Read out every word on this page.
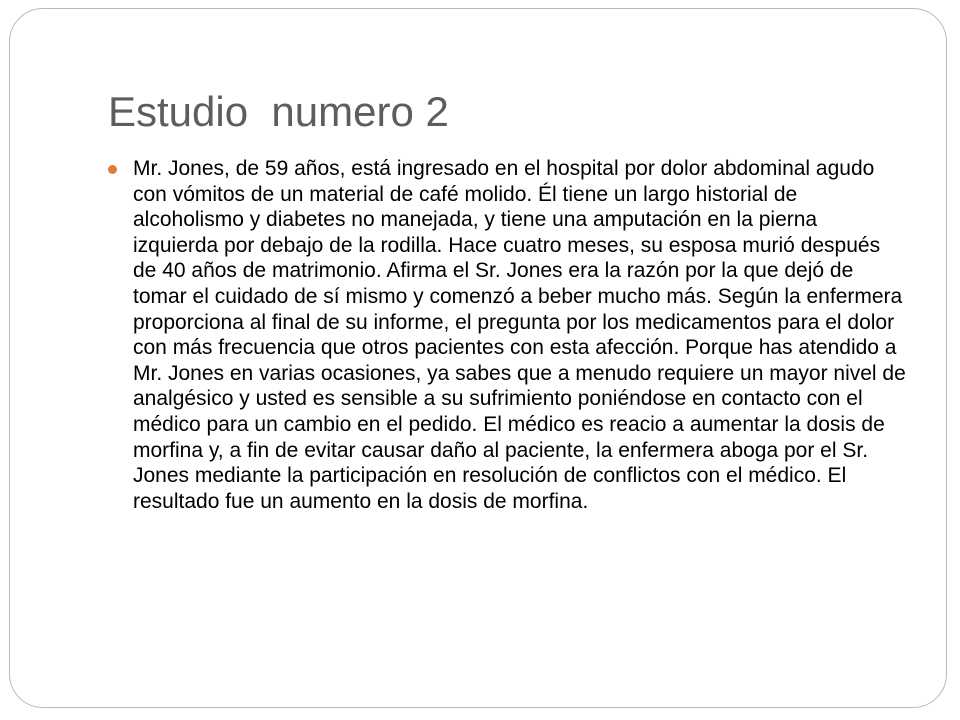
Estudio  numero 2
Mr. Jones, de 59 años, está ingresado en el hospital por dolor abdominal agudo con vómitos de un material de café molido. Él tiene un largo historial de alcoholismo y diabetes no manejada, y tiene una amputación en la pierna izquierda por debajo de la rodilla. Hace cuatro meses, su esposa murió después de 40 años de matrimonio. Afirma el Sr. Jones era la razón por la que dejó de tomar el cuidado de sí mismo y comenzó a beber mucho más. Según la enfermera proporciona al final de su informe, el pregunta por los medicamentos para el dolor con más frecuencia que otros pacientes con esta afección. Porque has atendido a Mr. Jones en varias ocasiones, ya sabes que a menudo requiere un mayor nivel de analgésico y usted es sensible a su sufrimiento poniéndose en contacto con el médico para un cambio en el pedido. El médico es reacio a aumentar la dosis de morfina y, a fin de evitar causar daño al paciente, la enfermera aboga por el Sr. Jones mediante la participación en resolución de conflictos con el médico. El resultado fue un aumento en la dosis de morfina.
